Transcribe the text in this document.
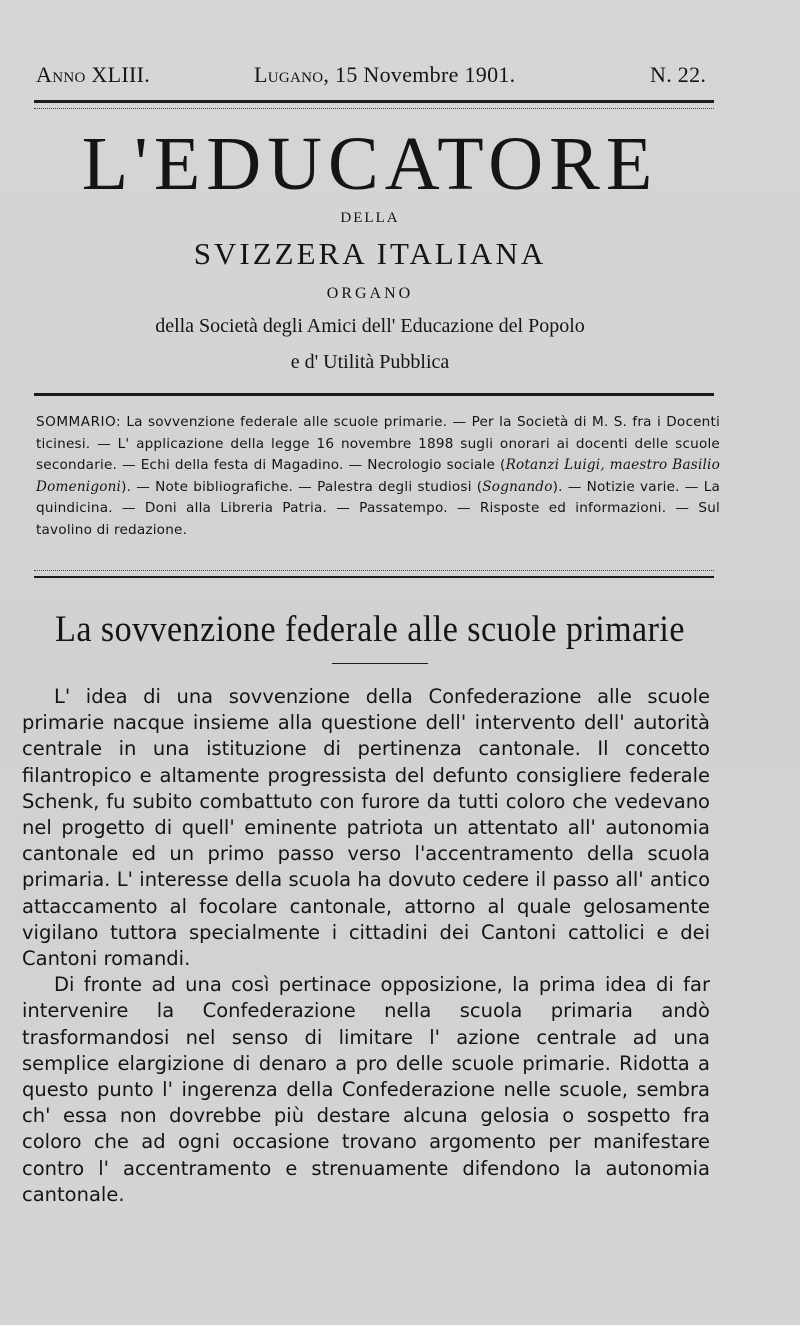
Anno XLIII.	Lugano, 15 Novembre 1901.	N. 22.
L'EDUCATORE
DELLA
SVIZZERA ITALIANA
ORGANO
della Società degli Amici dell' Educazione del Popolo
e d' Utilità Pubblica
SOMMARIO: La sovvenzione federale alle scuole primarie. — Per la Società di M. S. fra i Docenti ticinesi. — L' applicazione della legge 16 novembre 1898 sugli onorari ai docenti delle scuole secondarie. — Echi della festa di Magadino. — Necrologio sociale (Rotanzi Luigi, maestro Basilio Domenigoni). — Note bibliografiche. — Palestra degli studiosi (Sognando). — Notizie varie. — La quindicina. — Doni alla Libreria Patria. — Passatempo. — Risposte ed informazioni. — Sul tavolino di redazione.
La sovvenzione federale alle scuole primarie

L' idea di una sovvenzione della Confederazione alle scuole primarie nacque insieme alla questione dell' intervento dell' autorità centrale in una istituzione di pertinenza cantonale. Il concetto filantropico e altamente progressista del defunto consigliere federale Schenk, fu subito combattuto con furore da tutti coloro che vedevano nel progetto di quell' eminente patriota un attentato all' autonomia cantonale ed un primo passo verso l'accentramento della scuola primaria. L' interesse della scuola ha dovuto cedere il passo all' antico attaccamento al focolare cantonale, attorno al quale gelosamente vigilano tuttora specialmente i cittadini dei Cantoni cattolici e dei Cantoni romandi.

Di fronte ad una così pertinace opposizione, la prima idea di far intervenire la Confederazione nella scuola primaria andò trasformandosi nel senso di limitare l' azione centrale ad una semplice elargizione di denaro a pro delle scuole primarie. Ridotta a questo punto l' ingerenza della Confederazione nelle scuole, sembra ch' essa non dovrebbe più destare alcuna gelosia o sospetto fra coloro che ad ogni occasione trovano argomento per manifestare contro l' accentramento e strenuamente difendono la autonomia cantonale.
